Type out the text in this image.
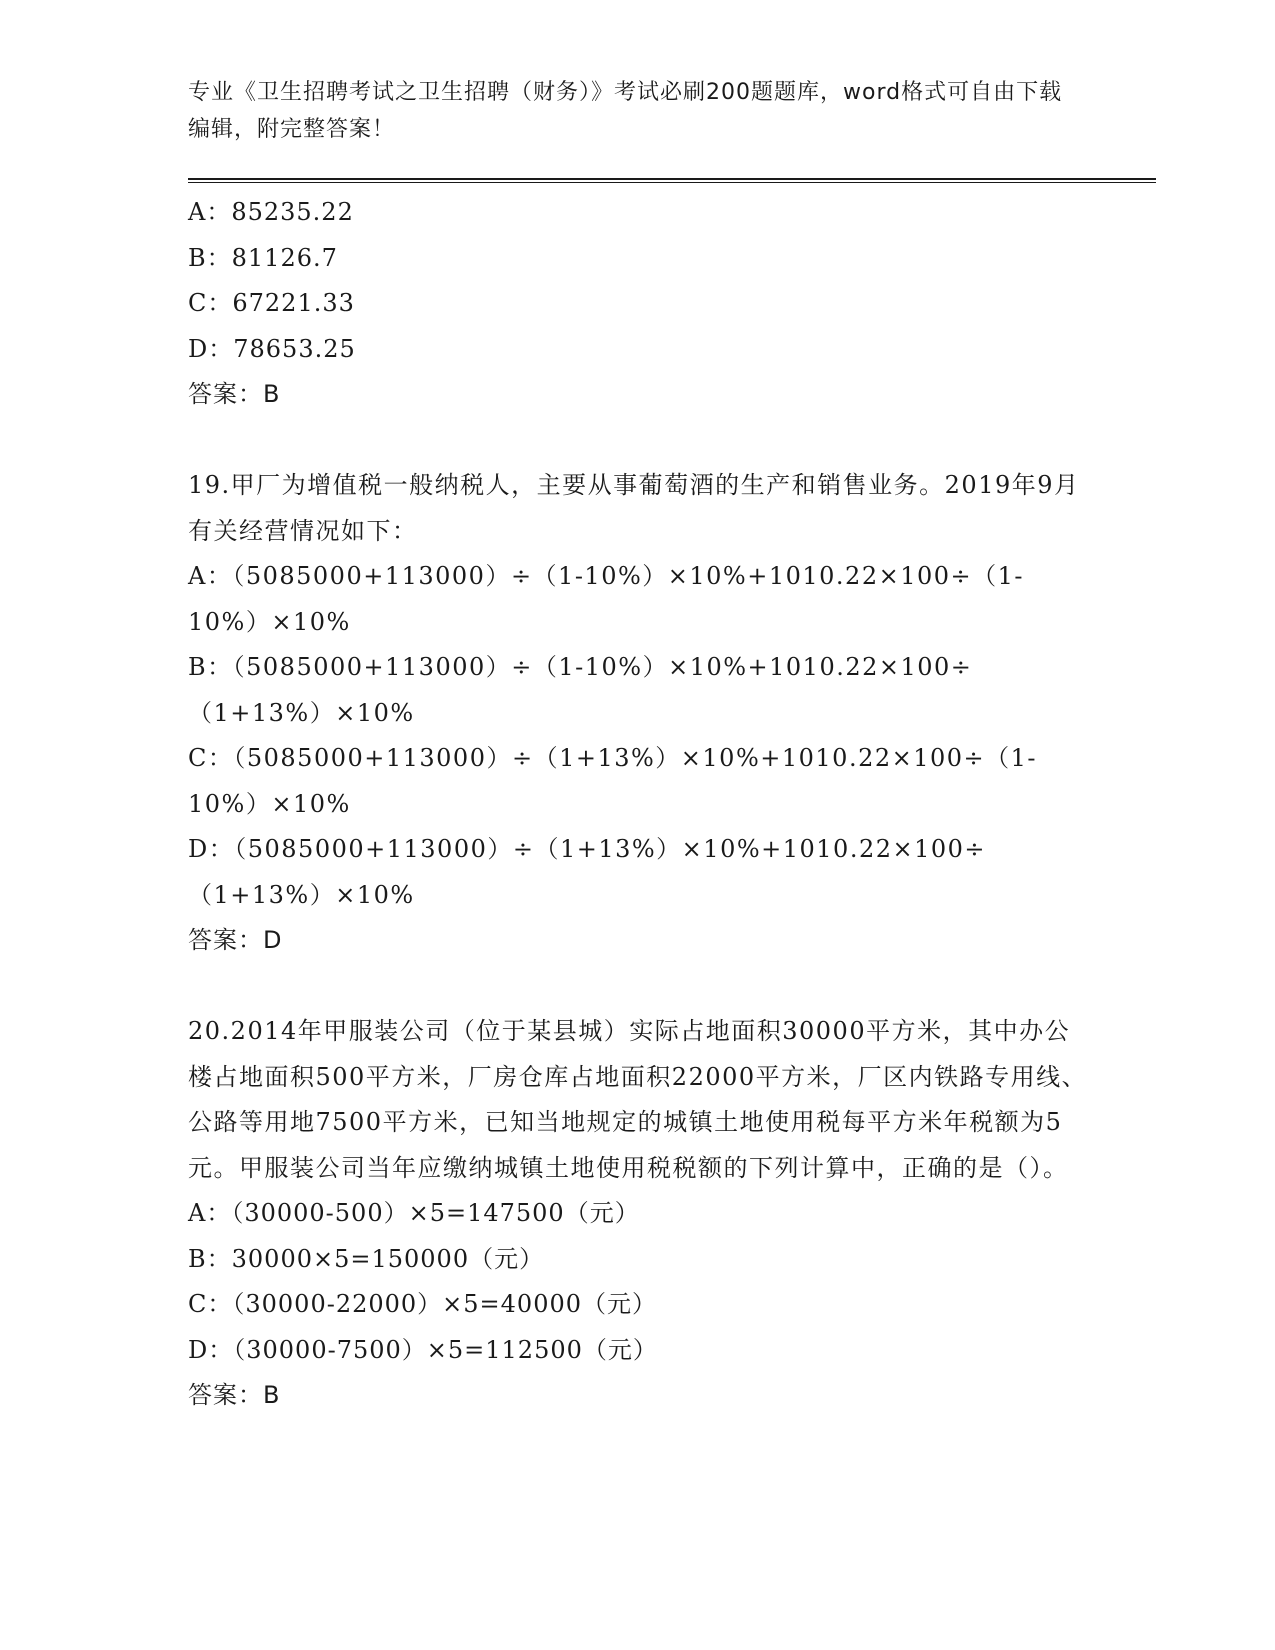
专业《卫生招聘考试之卫生招聘（财务）》考试必刷200题题库，word格式可自由下载编辑，附完整答案！
A：85235.22
B：81126.7
C：67221.33
D：78653.25
答案：B
19.甲厂为增值税一般纳税人，主要从事葡萄酒的生产和销售业务。2019年9月有关经营情况如下：
A：（5085000+113000）÷（1-10%）×10%+1010.22×100÷（1-10%）×10%
B：（5085000+113000）÷（1-10%）×10%+1010.22×100÷（1+13%）×10%
C：（5085000+113000）÷（1+13%）×10%+1010.22×100÷（1-10%）×10%
D：（5085000+113000）÷（1+13%）×10%+1010.22×100÷（1+13%）×10%
答案：D
20.2014年甲服装公司（位于某县城）实际占地面积30000平方米，其中办公楼占地面积500平方米，厂房仓库占地面积22000平方米，厂区内铁路专用线、公路等用地7500平方米，已知当地规定的城镇土地使用税每平方米年税额为5元。甲服装公司当年应缴纳城镇土地使用税税额的下列计算中，正确的是（）。
A：（30000-500）×5=147500（元）
B：30000×5=150000（元）
C：（30000-22000）×5=40000（元）
D：（30000-7500）×5=112500（元）
答案：B
